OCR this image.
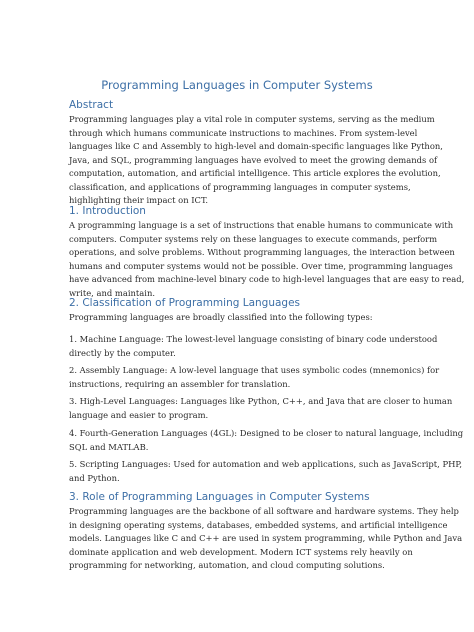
Programming Languages in Computer Systems
Abstract
Programming languages play a vital role in computer systems, serving as the medium
through which humans communicate instructions to machines. From system-level
languages like C and Assembly to high-level and domain-specific languages like Python,
Java, and SQL, programming languages have evolved to meet the growing demands of
computation, automation, and artificial intelligence. This article explores the evolution,
classification, and applications of programming languages in computer systems,
highlighting their impact on ICT.
1. Introduction
A programming language is a set of instructions that enable humans to communicate with
computers. Computer systems rely on these languages to execute commands, perform
operations, and solve problems. Without programming languages, the interaction between
humans and computer systems would not be possible. Over time, programming languages
have advanced from machine-level binary code to high-level languages that are easy to read,
write, and maintain.
2. Classification of Programming Languages
Programming languages are broadly classified into the following types:
1. Machine Language: The lowest-level language consisting of binary code understood
directly by the computer.
2. Assembly Language: A low-level language that uses symbolic codes (mnemonics) for
instructions, requiring an assembler for translation.
3. High-Level Languages: Languages like Python, C++, and Java that are closer to human
language and easier to program.
4. Fourth-Generation Languages (4GL): Designed to be closer to natural language, including
SQL and MATLAB.
5. Scripting Languages: Used for automation and web applications, such as JavaScript, PHP,
and Python.
3. Role of Programming Languages in Computer Systems
Programming languages are the backbone of all software and hardware systems. They help
in designing operating systems, databases, embedded systems, and artificial intelligence
models. Languages like C and C++ are used in system programming, while Python and Java
dominate application and web development. Modern ICT systems rely heavily on
programming for networking, automation, and cloud computing solutions.
